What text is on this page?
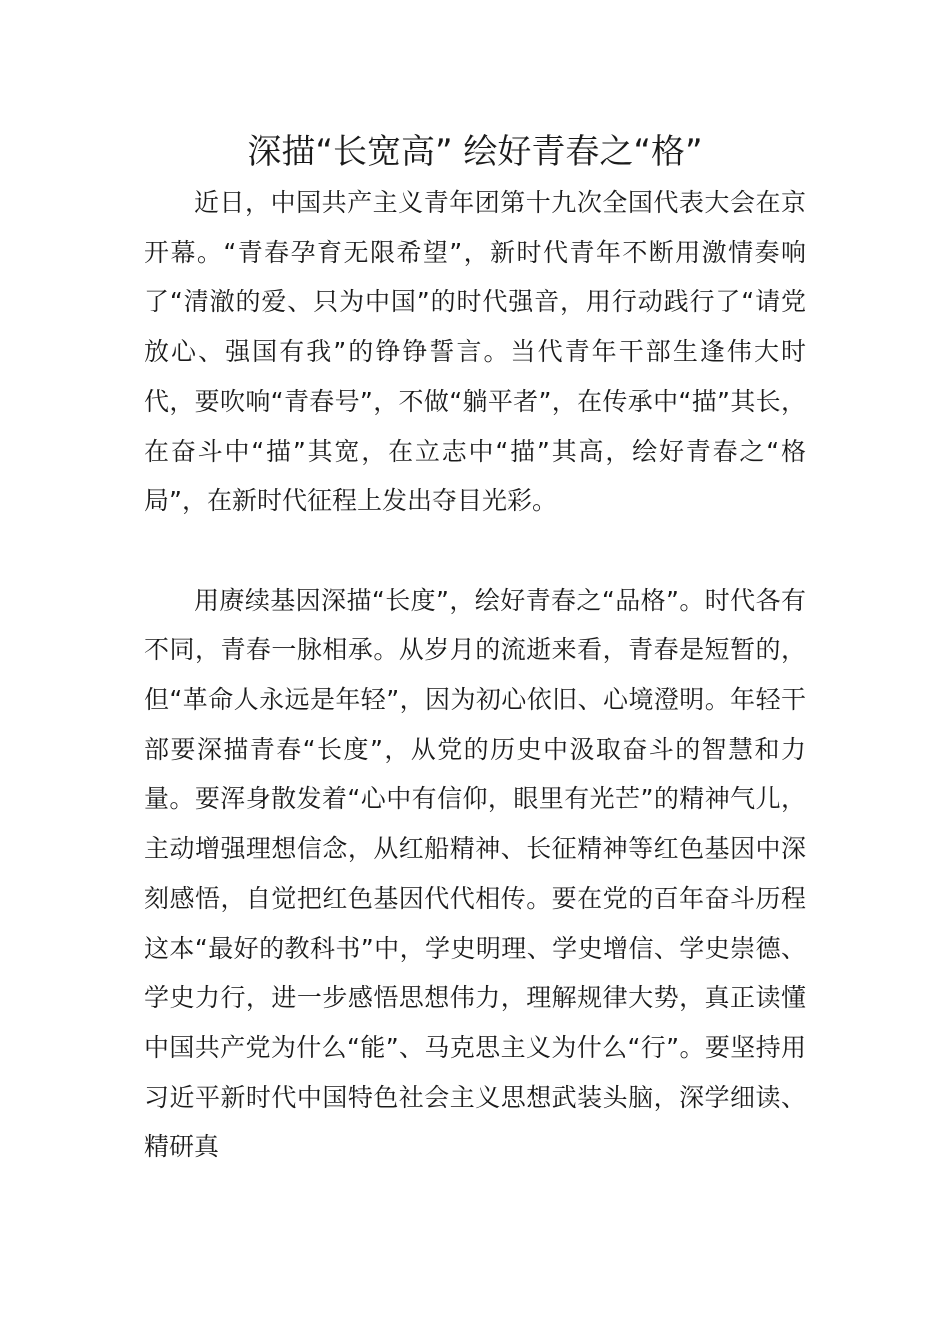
深描“长宽高” 绘好青春之“格”

近日，中国共产主义青年团第十九次全国代表大会在京开幕。“青春孕育无限希望”，新时代青年不断用激情奏响了“清澈的爱、只为中国”的时代强音，用行动践行了“请党放心、强国有我”的铮铮誓言。当代青年干部生逢伟大时代，要吹响“青春号”，不做“躺平者”，在传承中“描”其长，在奋斗中“描”其宽，在立志中“描”其高，绘好青春之“格局”，在新时代征程上发出夺目光彩。

用赓续基因深描“长度”，绘好青春之“品格”。时代各有不同，青春一脉相承。从岁月的流逝来看，青春是短暂的，但“革命人永远是年轻”，因为初心依旧、心境澄明。年轻干部要深描青春“长度”，从党的历史中汲取奋斗的智慧和力量。要浑身散发着“心中有信仰，眼里有光芒”的精神气儿，主动增强理想信念，从红船精神、长征精神等红色基因中深刻感悟，自觉把红色基因代代相传。要在党的百年奋斗历程这本“最好的教科书”中，学史明理、学史增信、学史崇德、学史力行，进一步感悟思想伟力，理解规律大势，真正读懂中国共产党为什么“能”、马克思主义为什么“行”。要坚持用习近平新时代中国特色社会主义思想武装头脑，深学细读、精研真
